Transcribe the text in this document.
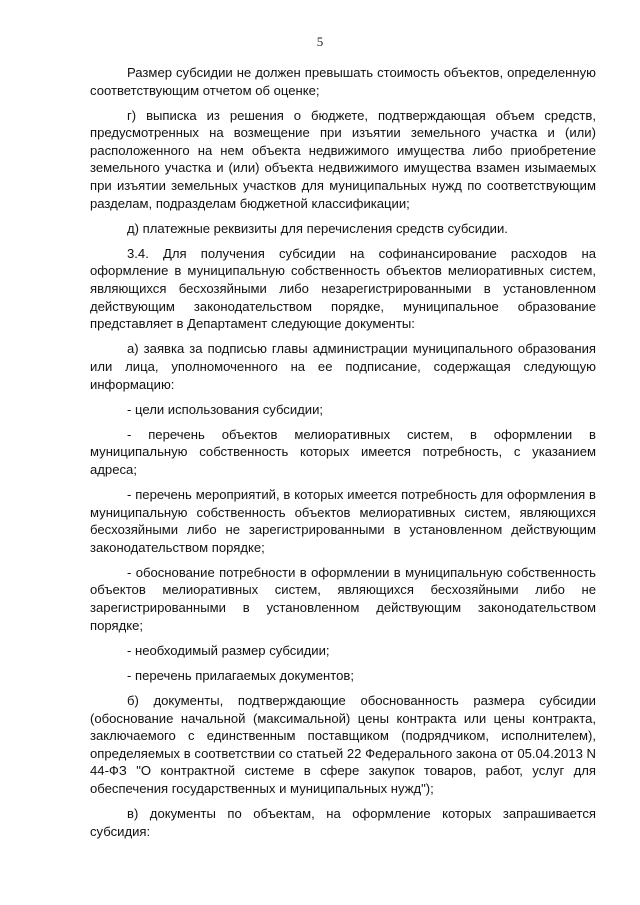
5

Размер субсидии не должен превышать стоимость объектов, определенную соответствующим отчетом об оценке;

г) выписка из решения о бюджете, подтверждающая объем средств, предусмотренных на возмещение при изъятии земельного участка и (или) расположенного на нем объекта недвижимого имущества либо приобретение земельного участка и (или) объекта недвижимого имущества взамен изымаемых при изъятии земельных участков для муниципальных нужд по соответствующим разделам, подразделам бюджетной классификации;

д) платежные реквизиты для перечисления средств субсидии.

3.4. Для получения субсидии на софинансирование расходов на оформление в муниципальную собственность объектов мелиоративных систем, являющихся бесхозяйными либо незарегистрированными в установленном действующим законодательством порядке, муниципальное образование представляет в Департамент следующие документы:

а) заявка за подписью главы администрации муниципального образования или лица, уполномоченного на ее подписание, содержащая следующую информацию:

- цели использования субсидии;

- перечень объектов мелиоративных систем, в оформлении в муниципальную собственность которых имеется потребность, с указанием адреса;

- перечень мероприятий, в которых имеется потребность для оформления в муниципальную собственность объектов мелиоративных систем, являющихся бесхозяйными либо не зарегистрированными в установленном действующим законодательством порядке;

- обоснование потребности в оформлении в муниципальную собственность объектов мелиоративных систем, являющихся бесхозяйными либо не зарегистрированными в установленном действующим законодательством порядке;

- необходимый размер субсидии;

- перечень прилагаемых документов;

б) документы, подтверждающие обоснованность размера субсидии (обоснование начальной (максимальной) цены контракта или цены контракта, заключаемого с единственным поставщиком (подрядчиком, исполнителем), определяемых в соответствии со статьей 22 Федерального закона от 05.04.2013 N 44-ФЗ "О контрактной системе в сфере закупок товаров, работ, услуг для обеспечения государственных и муниципальных нужд");

в) документы по объектам, на оформление которых запрашивается субсидия:
